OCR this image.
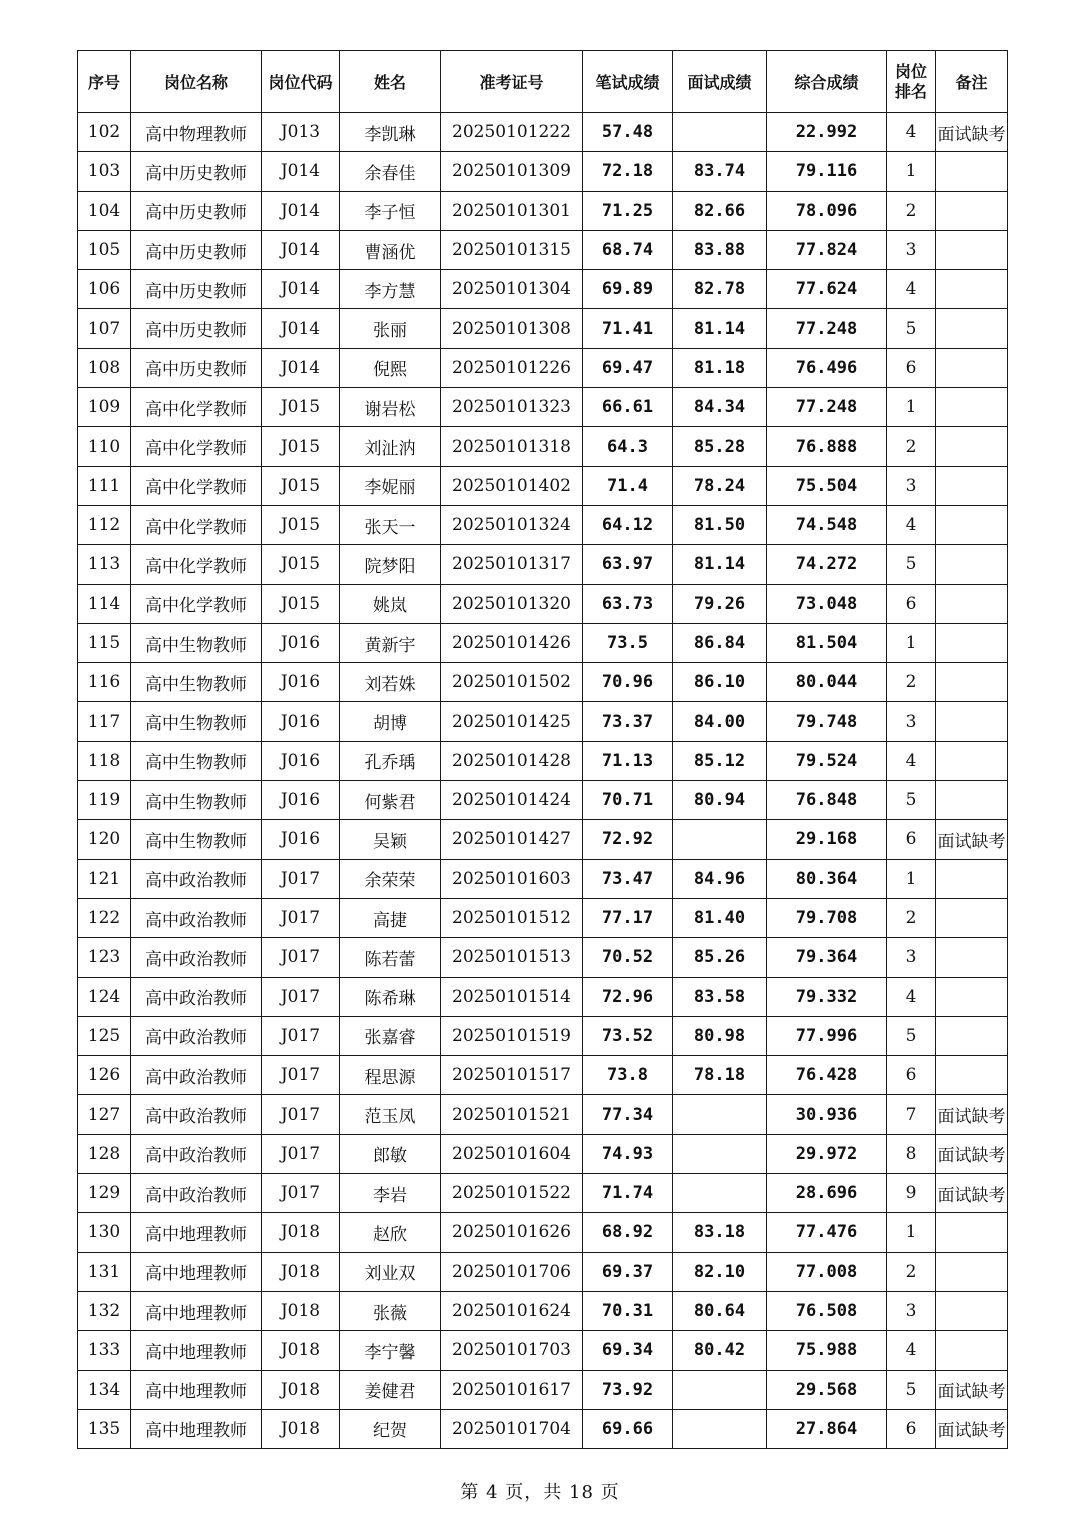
序号	岗位名称	岗位代码	姓名	准考证号	笔试成绩	面试成绩	综合成绩	岗位 排名	备注
102	高中物理教师	J013	李凯琳	20250101222	57.48		22.992	4	面试缺考
103	高中历史教师	J014	余春佳	20250101309	72.18	83.74	79.116	1	
104	高中历史教师	J014	李子恒	20250101301	71.25	82.66	78.096	2	
105	高中历史教师	J014	曹涵优	20250101315	68.74	83.88	77.824	3	
106	高中历史教师	J014	李方慧	20250101304	69.89	82.78	77.624	4	
107	高中历史教师	J014	张丽	20250101308	71.41	81.14	77.248	5	
108	高中历史教师	J014	倪熙	20250101226	69.47	81.18	76.496	6	
109	高中化学教师	J015	谢岩松	20250101323	66.61	84.34	77.248	1	
110	高中化学教师	J015	刘沚汭	20250101318	64.3	85.28	76.888	2	
111	高中化学教师	J015	李妮丽	20250101402	71.4	78.24	75.504	3	
112	高中化学教师	J015	张天一	20250101324	64.12	81.50	74.548	4	
113	高中化学教师	J015	院梦阳	20250101317	63.97	81.14	74.272	5	
114	高中化学教师	J015	姚岚	20250101320	63.73	79.26	73.048	6	
115	高中生物教师	J016	黄新宇	20250101426	73.5	86.84	81.504	1	
116	高中生物教师	J016	刘若姝	20250101502	70.96	86.10	80.044	2	
117	高中生物教师	J016	胡博	20250101425	73.37	84.00	79.748	3	
118	高中生物教师	J016	孔乔瑀	20250101428	71.13	85.12	79.524	4	
119	高中生物教师	J016	何紫君	20250101424	70.71	80.94	76.848	5	
120	高中生物教师	J016	吴颖	20250101427	72.92		29.168	6	面试缺考
121	高中政治教师	J017	余荣荣	20250101603	73.47	84.96	80.364	1	
122	高中政治教师	J017	高捷	20250101512	77.17	81.40	79.708	2	
123	高中政治教师	J017	陈若蕾	20250101513	70.52	85.26	79.364	3	
124	高中政治教师	J017	陈希琳	20250101514	72.96	83.58	79.332	4	
125	高中政治教师	J017	张嘉睿	20250101519	73.52	80.98	77.996	5	
126	高中政治教师	J017	程思源	20250101517	73.8	78.18	76.428	6	
127	高中政治教师	J017	范玉凤	20250101521	77.34		30.936	7	面试缺考
128	高中政治教师	J017	郎敏	20250101604	74.93		29.972	8	面试缺考
129	高中政治教师	J017	李岩	20250101522	71.74		28.696	9	面试缺考
130	高中地理教师	J018	赵欣	20250101626	68.92	83.18	77.476	1	
131	高中地理教师	J018	刘业双	20250101706	69.37	82.10	77.008	2	
132	高中地理教师	J018	张薇	20250101624	70.31	80.64	76.508	3	
133	高中地理教师	J018	李宁馨	20250101703	69.34	80.42	75.988	4	
134	高中地理教师	J018	姜健君	20250101617	73.92		29.568	5	面试缺考
135	高中地理教师	J018	纪贺	20250101704	69.66		27.864	6	面试缺考
第 4 页，共 18 页
